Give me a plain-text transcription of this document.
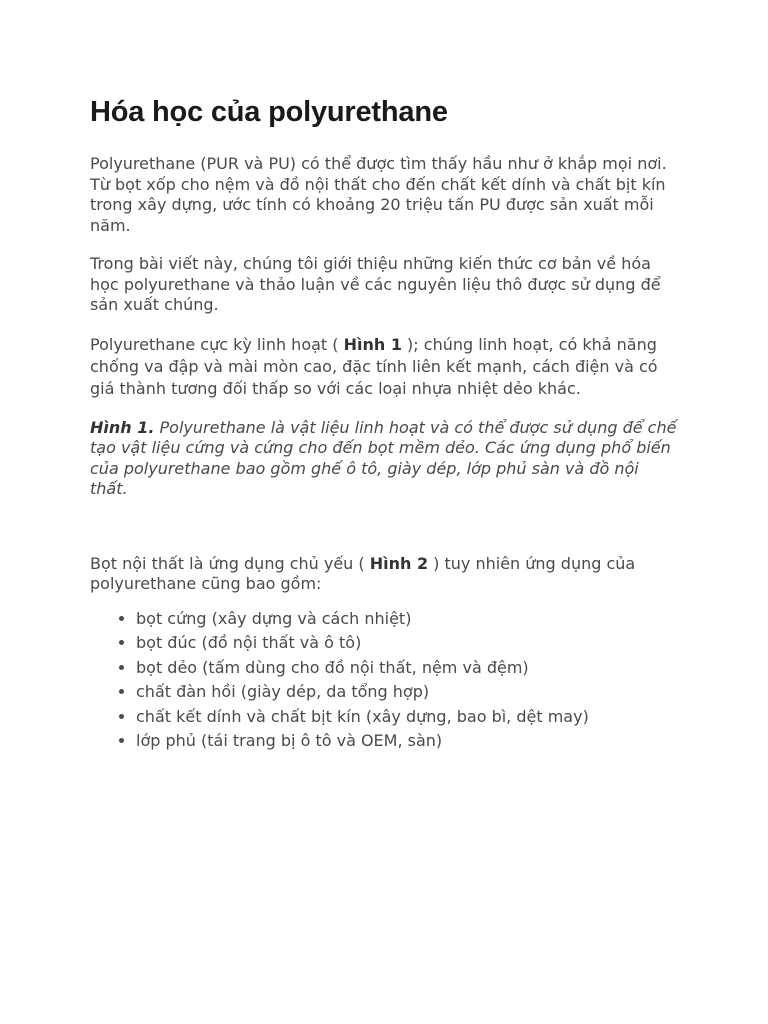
Hóa học của polyurethane

Polyurethane (PUR và PU) có thể được tìm thấy hầu như ở khắp mọi nơi. Từ bọt xốp cho nệm và đồ nội thất cho đến chất kết dính và chất bịt kín trong xây dựng, ước tính có khoảng 20 triệu tấn PU được sản xuất mỗi năm.

Trong bài viết này, chúng tôi giới thiệu những kiến thức cơ bản về hóa học polyurethane và thảo luận về các nguyên liệu thô được sử dụng để sản xuất chúng.

Polyurethane cực kỳ linh hoạt ( Hình 1 ); chúng linh hoạt, có khả năng chống va đập và mài mòn cao, đặc tính liên kết mạnh, cách điện và có giá thành tương đối thấp so với các loại nhựa nhiệt dẻo khác.

Hình 1. Polyurethane là vật liệu linh hoạt và có thể được sử dụng để chế tạo vật liệu cứng và cứng cho đến bọt mềm dẻo. Các ứng dụng phổ biến của polyurethane bao gồm ghế ô tô, giày dép, lớp phủ sàn và đồ nội thất.

Bọt nội thất là ứng dụng chủ yếu ( Hình 2 ) tuy nhiên ứng dụng của polyurethane cũng bao gồm:

• bọt cứng (xây dựng và cách nhiệt)
• bọt đúc (đồ nội thất và ô tô)
• bọt dẻo (tấm dùng cho đồ nội thất, nệm và đệm)
• chất đàn hồi (giày dép, da tổng hợp)
• chất kết dính và chất bịt kín (xây dựng, bao bì, dệt may)
• lớp phủ (tái trang bị ô tô và OEM, sàn)
